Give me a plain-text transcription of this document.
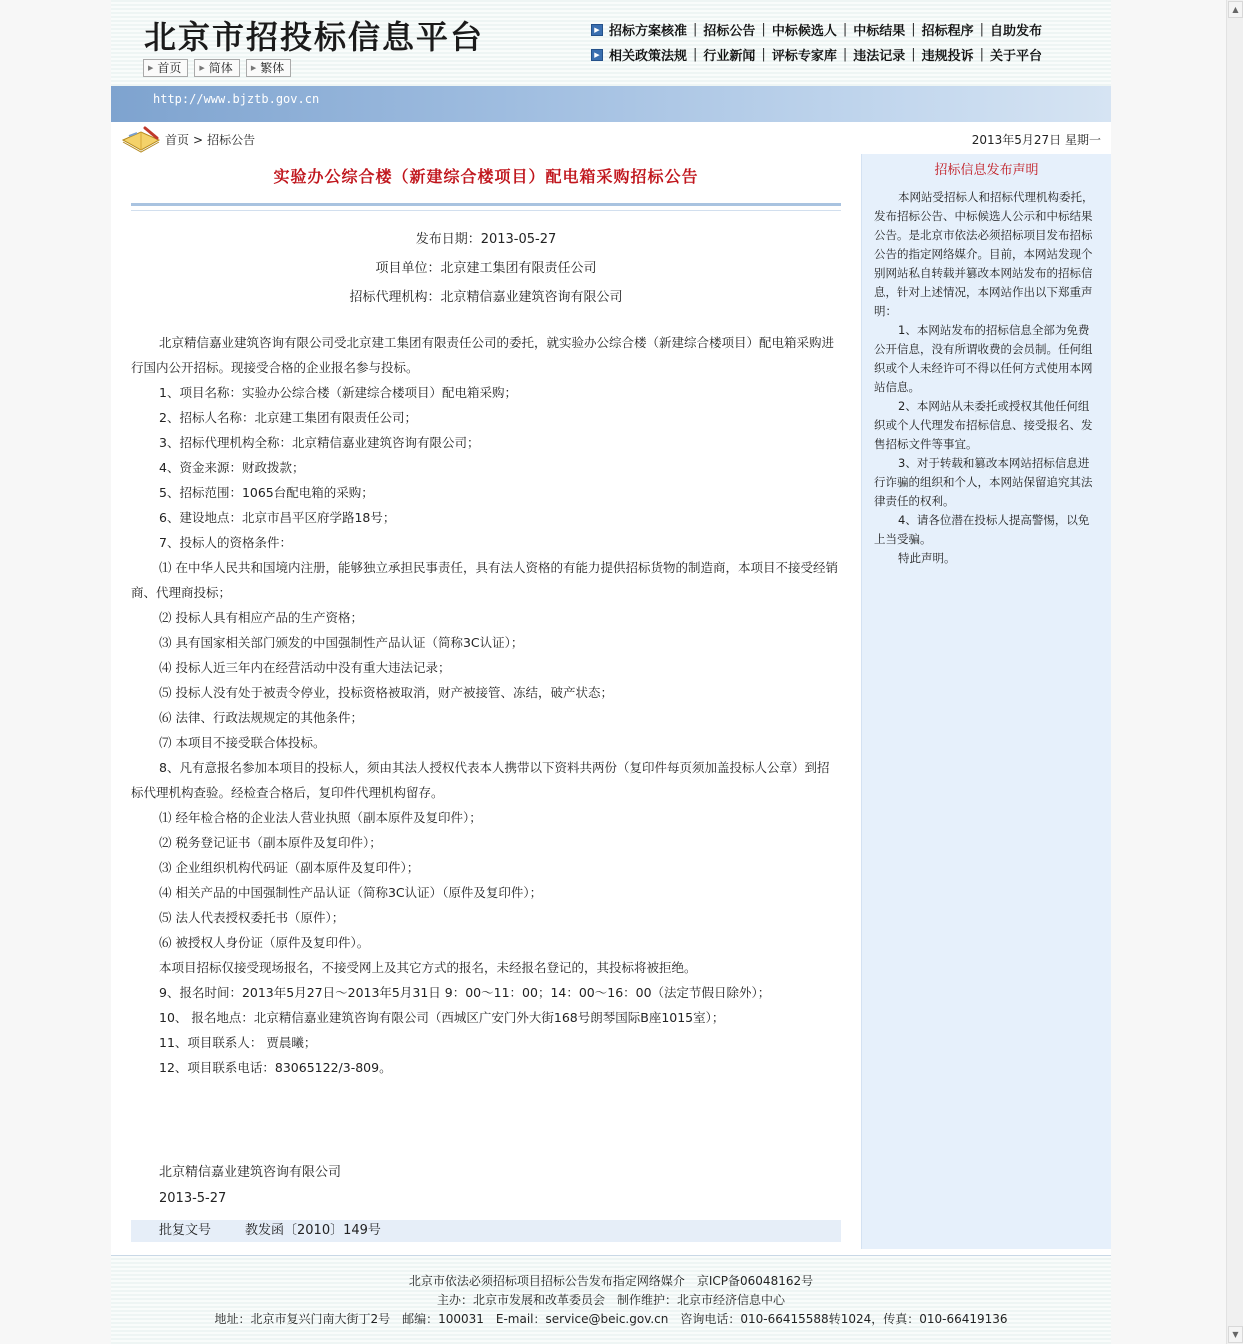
▲
▼
北京市招投标信息平台
▶ 首页	▶ 简体	▶ 繁体
▶ 招标方案核准 | 招标公告 | 中标候选人 | 中标结果 | 招标程序 | 自助发布
▶ 相关政策法规 | 行业新闻 | 评标专家库 | 违法记录 | 违规投诉 | 关于平台
http://www.bjztb.gov.cn
首页 > 招标公告	2013年5月27日 星期一
实验办公综合楼（新建综合楼项目）配电箱采购招标公告
发布日期：2013-05-27
项目单位：北京建工集团有限责任公司
招标代理机构：北京精信嘉业建筑咨询有限公司

北京精信嘉业建筑咨询有限公司受北京建工集团有限责任公司的委托，就实验办公综合楼（新建综合楼项目）配电箱采购进行国内公开招标。现接受合格的企业报名参与投标。

1、项目名称：实验办公综合楼（新建综合楼项目）配电箱采购；

2、招标人名称：北京建工集团有限责任公司；

3、招标代理机构全称：北京精信嘉业建筑咨询有限公司；

4、资金来源：财政拨款；

5、招标范围：1065台配电箱的采购；

6、建设地点：北京市昌平区府学路18号；

7、投标人的资格条件：

⑴ 在中华人民共和国境内注册，能够独立承担民事责任，具有法人资格的有能力提供招标货物的制造商，本项目不接受经销商、代理商投标；

⑵ 投标人具有相应产品的生产资格；

⑶ 具有国家相关部门颁发的中国强制性产品认证（简称3C认证）；

⑷ 投标人近三年内在经营活动中没有重大违法记录；

⑸ 投标人没有处于被责令停业，投标资格被取消，财产被接管、冻结，破产状态；

⑹ 法律、行政法规规定的其他条件；

⑺ 本项目不接受联合体投标。

8、凡有意报名参加本项目的投标人，须由其法人授权代表本人携带以下资料共两份（复印件每页须加盖投标人公章）到招标代理机构查验。经检查合格后，复印件代理机构留存。

⑴ 经年检合格的企业法人营业执照（副本原件及复印件）；

⑵ 税务登记证书（副本原件及复印件）；

⑶ 企业组织机构代码证（副本原件及复印件）；

⑷ 相关产品的中国强制性产品认证（简称3C认证）（原件及复印件）；

⑸ 法人代表授权委托书（原件）；

⑹ 被授权人身份证（原件及复印件）。

本项目招标仅接受现场报名，不接受网上及其它方式的报名，未经报名登记的，其投标将被拒绝。

9、报名时间：2013年5月27日～2013年5月31日 9：00～11：00；14：00～16：00（法定节假日除外）；

10、 报名地点：北京精信嘉业建筑咨询有限公司（西城区广安门外大街168号朗琴国际B座1015室）；

11、项目联系人： 贾晨曦；

12、项目联系电话：83065122/3-809。

北京精信嘉业建筑咨询有限公司
2013-5-27
批复文号	教发函〔2010〕149号
招标信息发布声明

本网站受招标人和招标代理机构委托，发布招标公告、中标候选人公示和中标结果公告。是北京市依法必须招标项目发布招标公告的指定网络媒介。目前，本网站发现个别网站私自转载并篡改本网站发布的招标信息，针对上述情况，本网站作出以下郑重声明：

1、本网站发布的招标信息全部为免费公开信息，没有所谓收费的会员制。任何组织或个人未经许可不得以任何方式使用本网站信息。

2、本网站从未委托或授权其他任何组织或个人代理发布招标信息、接受报名、发售招标文件等事宜。

3、对于转载和篡改本网站招标信息进行诈骗的组织和个人，本网站保留追究其法律责任的权利。

4、请各位潜在投标人提高警惕，以免上当受骗。

特此声明。

北京市依法必须招标项目招标公告发布指定网络媒介　京ICP备06048162号
主办：北京市发展和改革委员会　制作维护：北京市经济信息中心
地址：北京市复兴门南大街丁2号　邮编：100031　E-mail：service@beic.gov.cn　咨询电话：010-66415588转1024，传真：010-66419136
